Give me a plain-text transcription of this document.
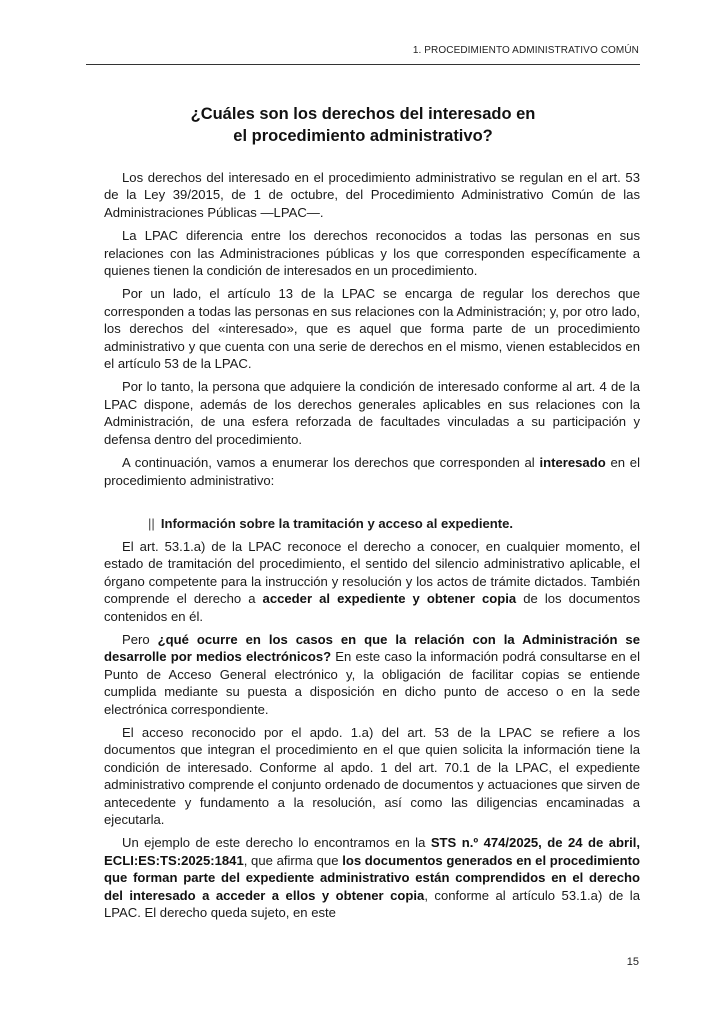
1. PROCEDIMIENTO ADMINISTRATIVO COMÚN
¿Cuáles son los derechos del interesado en
el procedimiento administrativo?

Los derechos del interesado en el procedimiento administrativo se regulan en el art. 53 de la Ley 39/2015, de 1 de octubre, del Procedimiento Administrativo Común de las Administraciones Públicas —LPAC—.

La LPAC diferencia entre los derechos reconocidos a todas las personas en sus relaciones con las Administraciones públicas y los que corresponden específicamente a quienes tienen la condición de interesados en un procedimiento.

Por un lado, el artículo 13 de la LPAC se encarga de regular los derechos que corresponden a todas las personas en sus relaciones con la Administración; y, por otro lado, los derechos del «interesado», que es aquel que forma parte de un procedimiento administrativo y que cuenta con una serie de derechos en el mismo, vienen establecidos en el artículo 53 de la LPAC.

Por lo tanto, la persona que adquiere la condición de interesado conforme al art. 4 de la LPAC dispone, además de los derechos generales aplicables en sus relaciones con la Administración, de una esfera reforzada de facultades vinculadas a su participación y defensa dentro del procedimiento.

A continuación, vamos a enumerar los derechos que corresponden al interesado en el procedimiento administrativo:

|| Información sobre la tramitación y acceso al expediente.

El art. 53.1.a) de la LPAC reconoce el derecho a conocer, en cualquier momento, el estado de tramitación del procedimiento, el sentido del silencio administrativo aplicable, el órgano competente para la instrucción y resolución y los actos de trámite dictados. También comprende el derecho a acceder al expediente y obtener copia de los documentos contenidos en él.

Pero ¿qué ocurre en los casos en que la relación con la Administración se desarrolle por medios electrónicos? En este caso la información podrá consultarse en el Punto de Acceso General electrónico y, la obligación de facilitar copias se entiende cumplida mediante su puesta a disposición en dicho punto de acceso o en la sede electrónica correspondiente.

El acceso reconocido por el apdo. 1.a) del art. 53 de la LPAC se refiere a los documentos que integran el procedimiento en el que quien solicita la información tiene la condición de interesado. Conforme al apdo. 1 del art. 70.1 de la LPAC, el expediente administrativo comprende el conjunto ordenado de documentos y actuaciones que sirven de antecedente y fundamento a la resolución, así como las diligencias encaminadas a ejecutarla.

Un ejemplo de este derecho lo encontramos en la STS n.º 474/2025, de 24 de abril, ECLI:ES:TS:2025:1841, que afirma que los documentos generados en el procedimiento que forman parte del expediente administrativo están comprendidos en el derecho del interesado a acceder a ellos y obtener copia, conforme al artículo 53.1.a) de la LPAC. El derecho queda sujeto, en este

15
